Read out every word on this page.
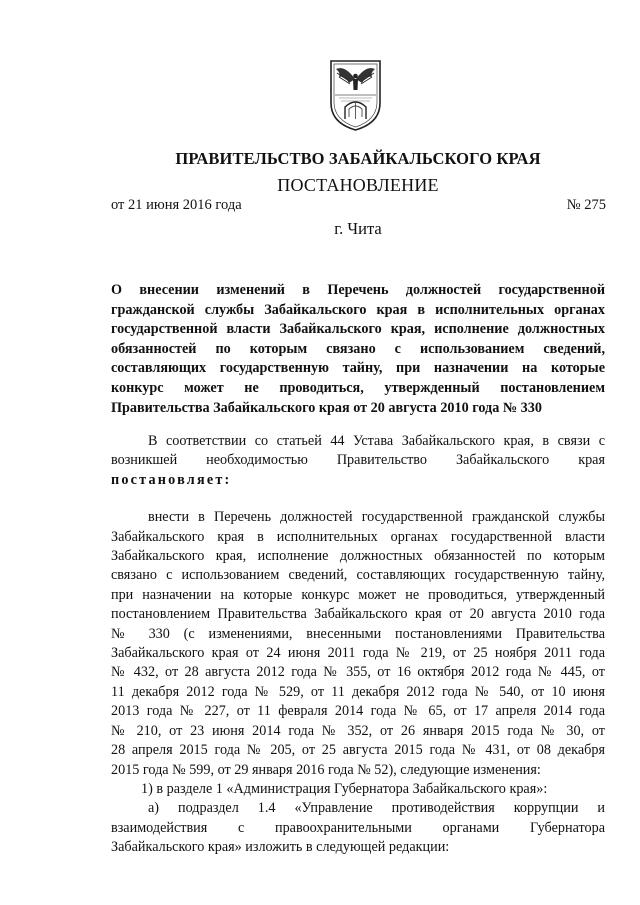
ПРАВИТЕЛЬСТВО ЗАБАЙКАЛЬСКОГО КРАЯ
ПОСТАНОВЛЕНИЕ
от 21 июня 2016 года	№ 275
г. Чита
О внесении изменений в Перечень должностей государственной
гражданской службы Забайкальского края в исполнительных органах
государственной власти Забайкальского края, исполнение должностных
обязанностей по которым связано с использованием сведений,
составляющих государственную тайну, при назначении на которые
конкурс может не проводиться, утвержденный постановлением
Правительства Забайкальского края от 20 августа 2010 года № 330
В соответствии со статьей 44 Устава Забайкальского края, в связи с
возникшей необходимостью Правительство Забайкальского края
постановляет:
внести в Перечень должностей государственной гражданской службы
Забайкальского края в исполнительных органах государственной власти
Забайкальского края, исполнение должностных обязанностей по которым
связано с использованием сведений, составляющих государственную тайну,
при назначении на которые конкурс может не проводиться, утвержденный
постановлением Правительства Забайкальского края от 20 августа 2010 года
№ 330 (с изменениями, внесенными постановлениями Правительства
Забайкальского края от 24 июня 2011 года № 219, от 25 ноября 2011 года
№ 432, от 28 августа 2012 года № 355, от 16 октября 2012 года № 445, от
11 декабря 2012 года № 529, от 11 декабря 2012 года № 540, от 10 июня
2013 года № 227, от 11 февраля 2014 года № 65, от 17 апреля 2014 года
№ 210, от 23 июня 2014 года № 352, от 26 января 2015 года № 30, от
28 апреля 2015 года № 205, от 25 августа 2015 года № 431, от 08 декабря
2015 года № 599, от 29 января 2016 года № 52), следующие изменения:
1) в разделе 1 «Администрация Губернатора Забайкальского края»:
а) подраздел 1.4 «Управление противодействия коррупции и
взаимодействия с правоохранительными органами Губернатора
Забайкальского края» изложить в следующей редакции:
